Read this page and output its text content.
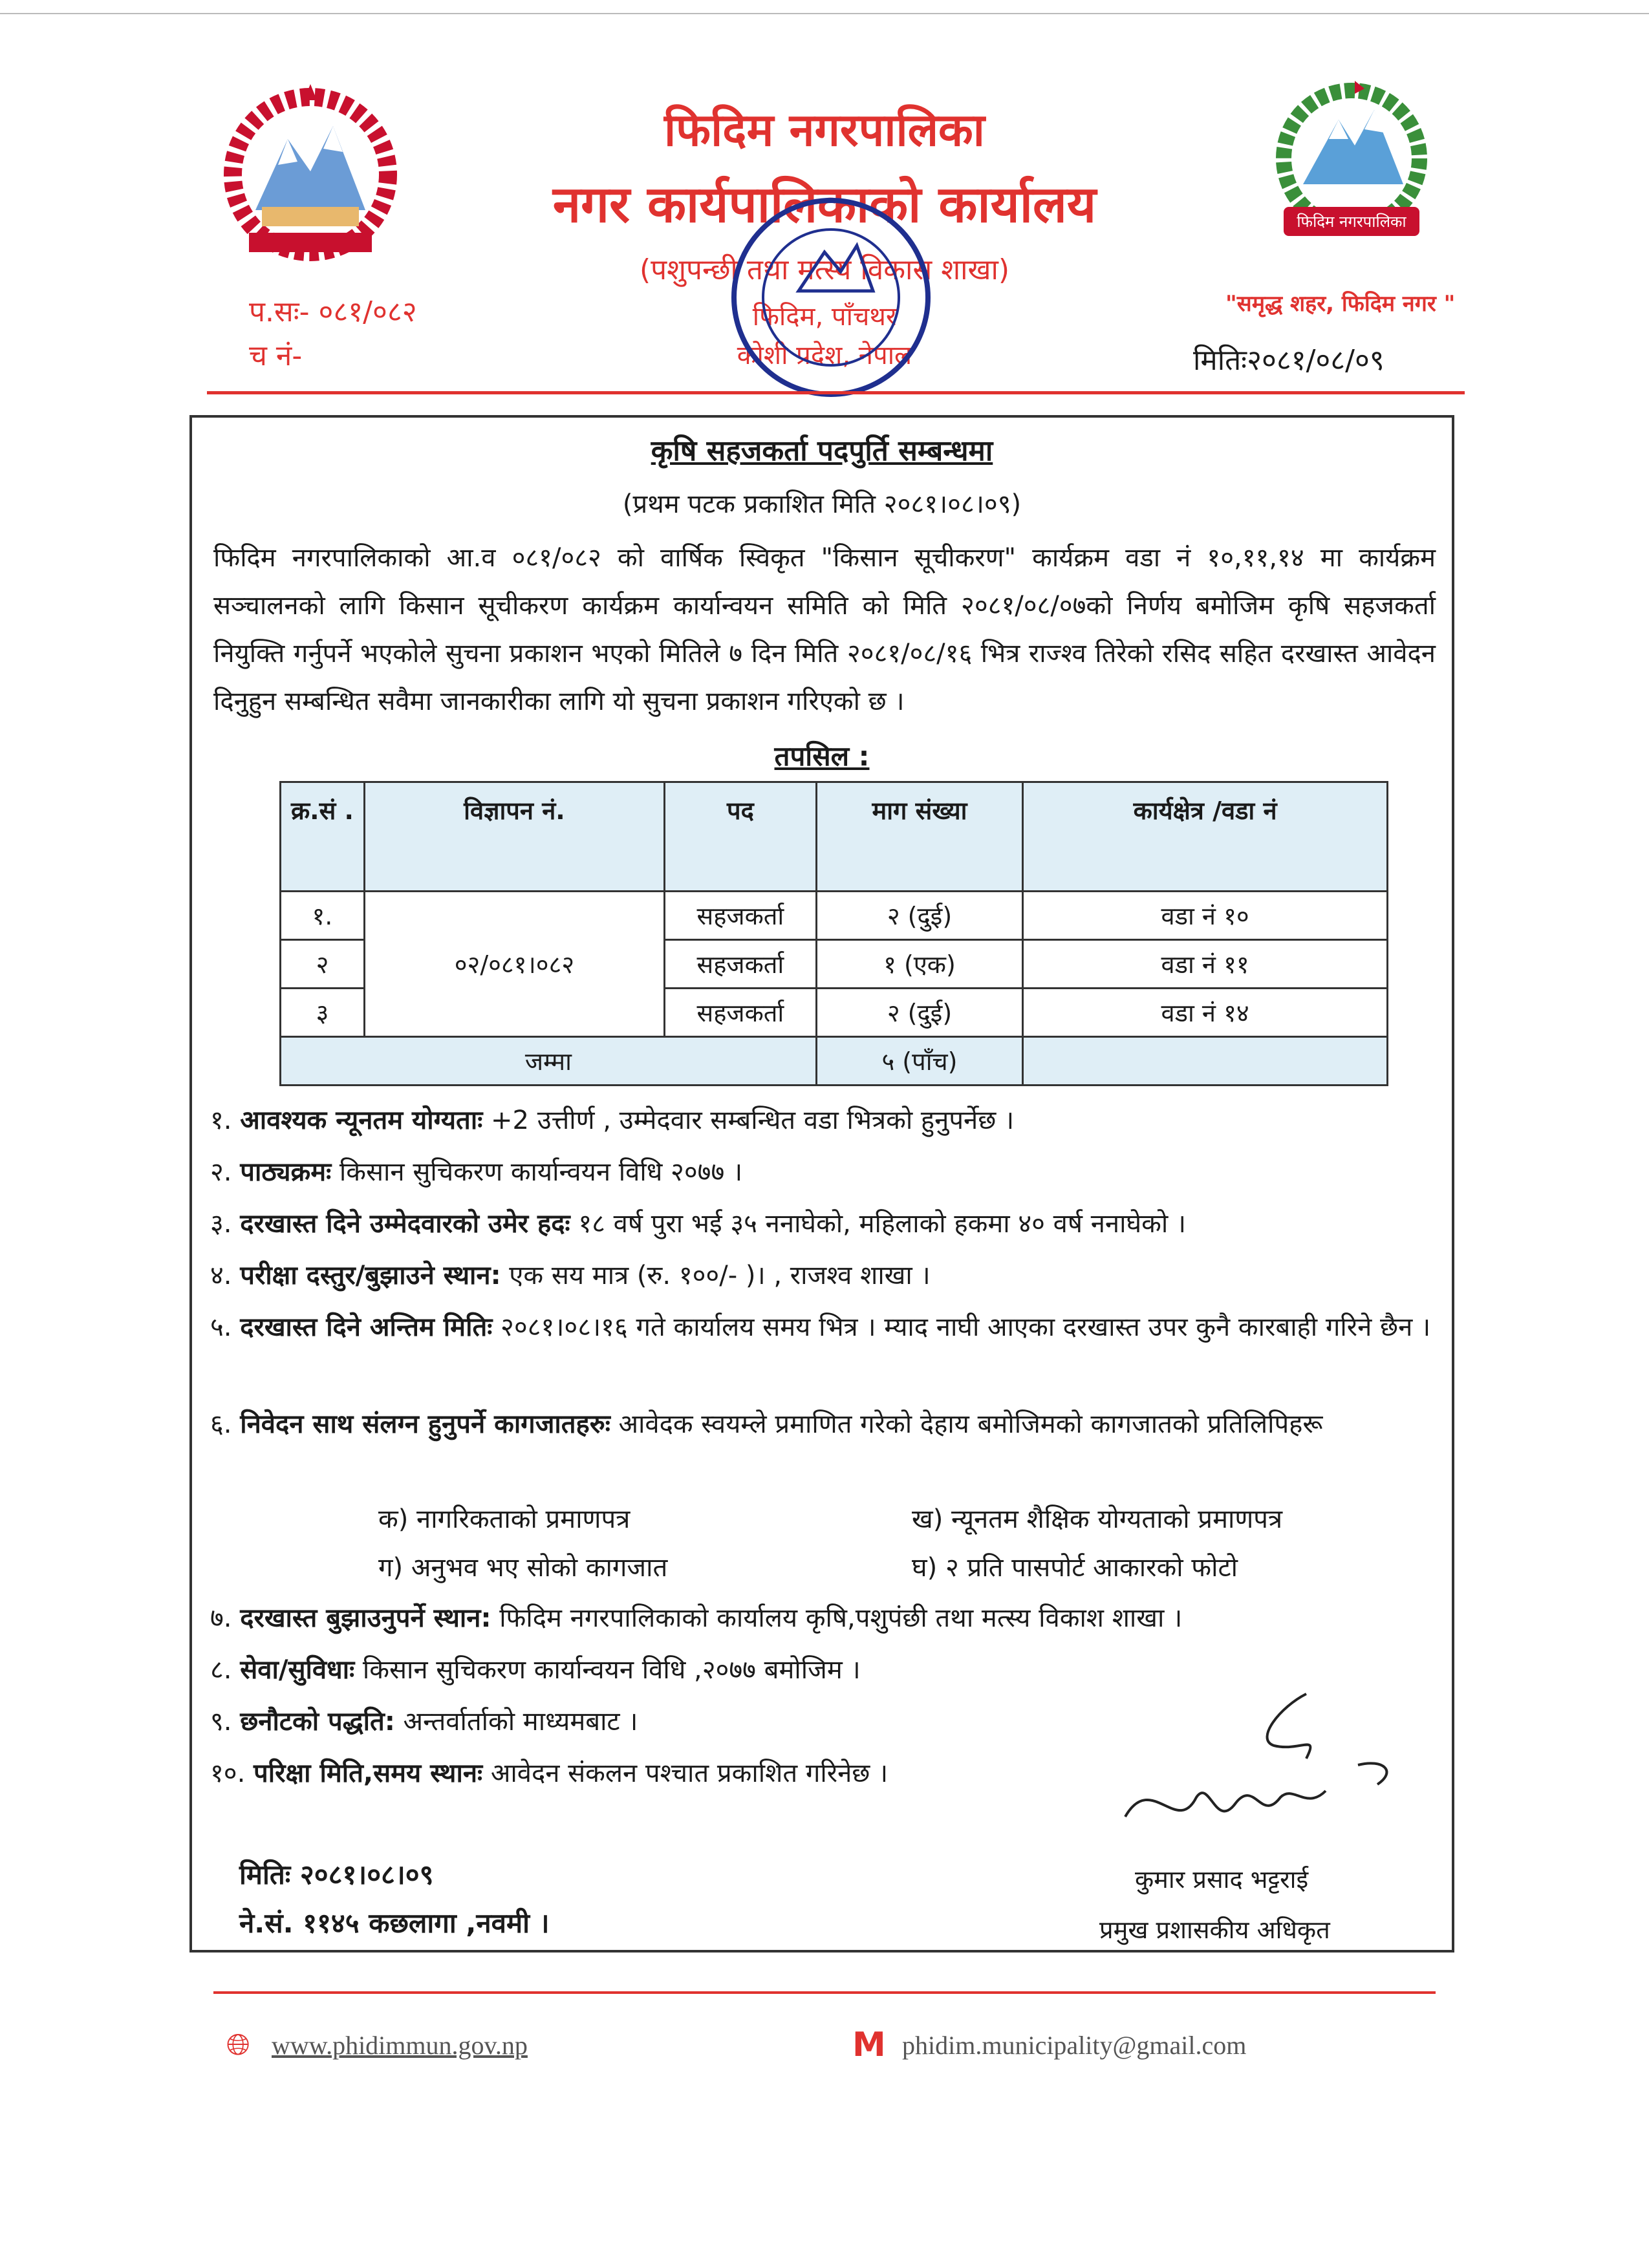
फिदिम नगरपालिका
फिदिम नगरपालिका
नगर कार्यपालिकाको कार्यालय
(पशुपन्छी तथा मत्स्य विकास शाखा)
फिदिम, पाँचथर
कोशी प्रदेश, नेपाल
प.सः- ०८१/०८२
च नं-
"समृद्ध शहर, फिदिम नगर "
मितिः२०८१/०८/०९
कृषि सहजकर्ता पदपुर्ति सम्बन्धमा
(प्रथम पटक प्रकाशित मिति २०८१।०८।०९)
फिदिम नगरपालिकाको आ.व ०८१/०८२ को वार्षिक स्विकृत "किसान सूचीकरण" कार्यक्रम वडा नं १०,११,१४ मा कार्यक्रम सञ्चालनको लागि किसान सूचीकरण कार्यक्रम कार्यान्वयन समिति को मिति २०८१/०८/०७को निर्णय बमोजिम कृषि सहजकर्ता नियुक्ति गर्नुपर्ने भएकोले सुचना प्रकाशन भएको मितिले ७ दिन मिति २०८१/०८/१६ भित्र राज्श्व तिरेको रसिद सहित दरखास्त आवेदन दिनुहुन सम्बन्धित सवैमा जानकारीका लागि यो सुचना प्रकाशन गरिएको छ ।
तपसिल :
क्र.सं .	विज्ञापन नं.	पद	माग संख्या	कार्यक्षेत्र /वडा नं
१.	०२/०८१।०८२	सहजकर्ता	२ (दुई)	वडा नं १०
२		सहजकर्ता	१ (एक)	वडा नं ११
३		सहजकर्ता	२ (दुई)	वडा नं १४
जम्मा			५ (पाँच)	
१. आवश्यक न्यूनतम योग्यताः +2 उत्तीर्ण , उम्मेदवार सम्बन्धित वडा भित्रको हुनुपर्नेछ ।
२. पाठ्यक्रमः किसान सुचिकरण कार्यान्वयन विधि २०७७ ।
३. दरखास्त दिने उम्मेदवारको उमेर हदः १८ वर्ष पुरा भई ३५ ननाघेको, महिलाको हकमा ४० वर्ष ननाघेको ।
४. परीक्षा दस्तुर/बुझाउने स्थान: एक सय मात्र (रु. १००/- )। , राजश्व शाखा ।
५. दरखास्त दिने अन्तिम मितिः २०८१।०८।१६ गते कार्यालय समय भित्र । म्याद नाघी आएका दरखास्त उपर कुनै कारबाही गरिने छैन ।
६. निवेदन साथ संलग्न हुनुपर्ने कागजातहरुः आवेदक स्वयम्ले प्रमाणित गरेको देहाय बमोजिमको कागजातको प्रतिलिपिहरू
क) नागरिकताको प्रमाणपत्र	ख) न्यूनतम शैक्षिक योग्यताको प्रमाणपत्र
ग) अनुभव भए सोको कागजात	घ) २ प्रति पासपोर्ट आकारको फोटो
७. दरखास्त बुझाउनुपर्ने स्थान: फिदिम नगरपालिकाको कार्यालय कृषि,पशुपंछी तथा मत्स्य विकाश शाखा ।
८. सेवा/सुविधाः किसान सुचिकरण कार्यान्वयन विधि ,२०७७ बमोजिम ।
९. छनौटको पद्धति: अन्तर्वार्ताको माध्यमबाट ।
१०. परिक्षा मिति,समय स्थानः आवेदन संकलन पश्चात प्रकाशित गरिनेछ ।
मितिः २०८१।०८।०९
ने.सं. ११४५ कछलागा ,नवमी ।
कुमार प्रसाद भट्टराई
प्रमुख प्रशासकीय अधिकृत

🌐︎ www.phidimmun.gov.np	M phidim.municipality@gmail.com
